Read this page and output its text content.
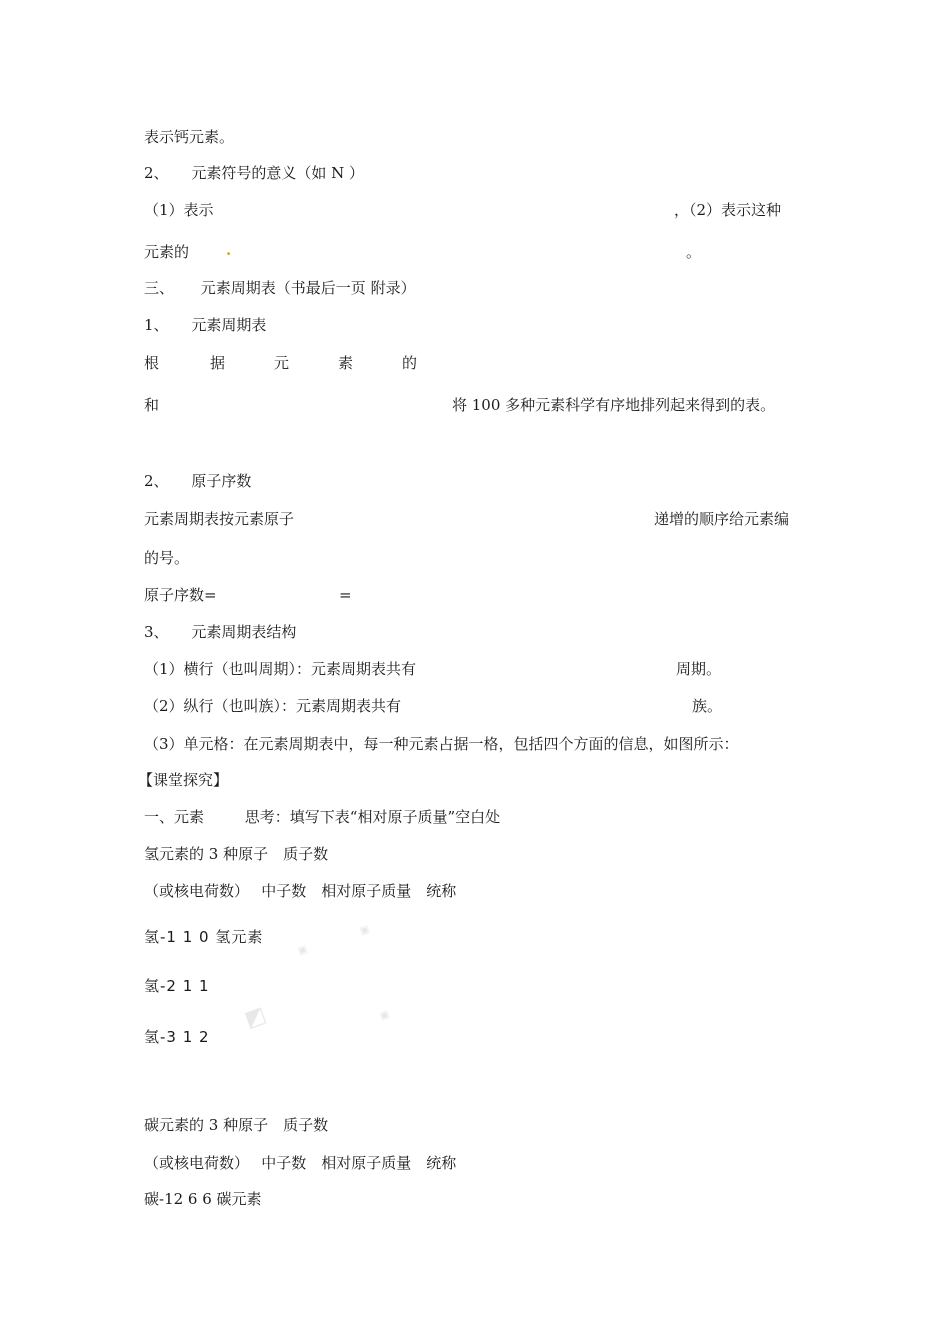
表示钙元素。
2、 元素符号的意义（如 N ）
（1）表示	，（2）表示这种
元素的 .	。
三、 元素周期表（书最后一页 附录）
1、 元素周期表
根	据	元	素	的
和	将 100 多种元素科学有序地排列起来得到的表。
2、 原子序数
元素周期表按元素原子	递增的顺序给元素编
的号。
原子序数=	=
3、 元素周期表结构
（1）横行（也叫周期）：元素周期表共有	周期。
（2）纵行（也叫族）：元素周期表共有	族。
（3）单元格：在元素周期表中，每一种元素占据一格，包括四个方面的信息，如图所示：
【课堂探究】
一、元素	思考：填写下表“相对原子质量”空白处
氢元素的 3 种原子　质子数
（或核电荷数）　 中子数　相对原子质量　统称
氢-1 1 0 氢元素
氢-2 1 1
氢-3 1 2
▣
▣
◩	▣
碳元素的 3 种原子　质子数
（或核电荷数）　 中子数　相对原子质量　统称
碳-12 6 6 碳元素
